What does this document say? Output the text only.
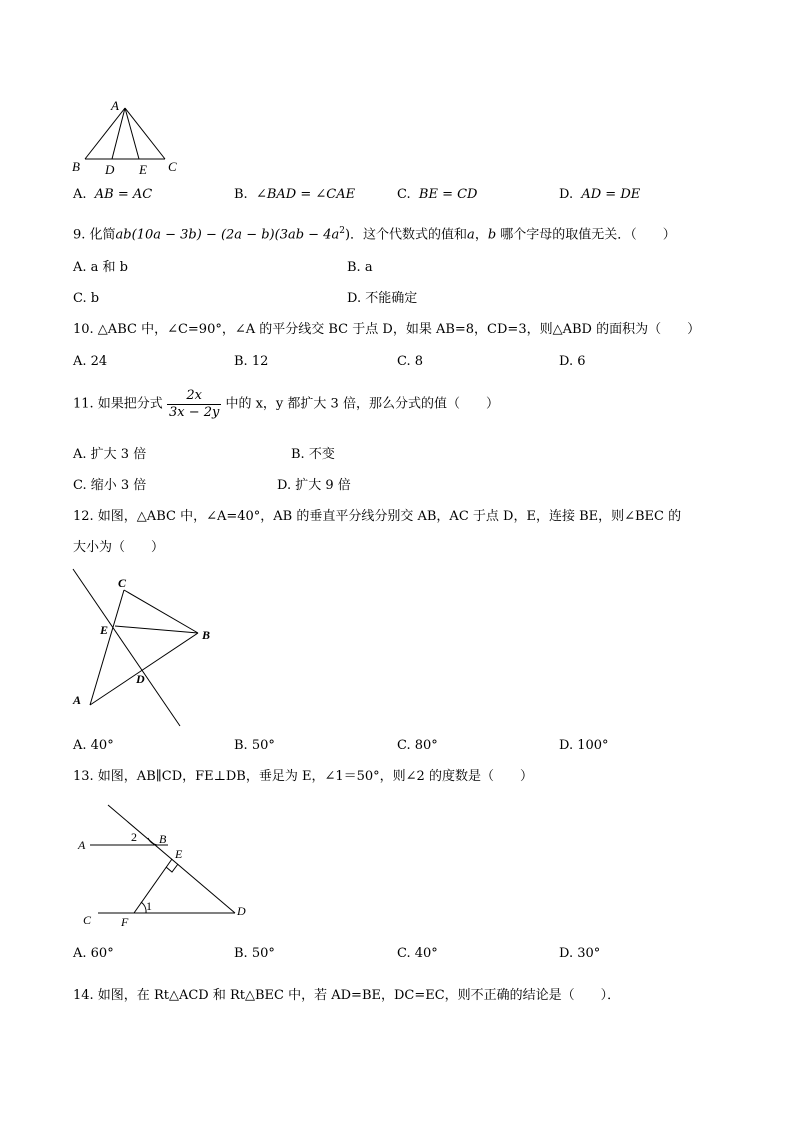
A
B D E C
A. AB = AC	B. ∠BAD = ∠CAE	C. BE = CD	D. AD = DE
9. 化简$ab(10a - 3b) - (2a - b)(3ab - 4a^2)$．这个代数式的值和a，b 哪个字母的取值无关．（　　）
A. a 和 b	B. a
C. b	D. 不能确定
10. △ABC 中，∠C=90°，∠A 的平分线交 BC 于点 D，如果 AB=8，CD=3，则△ABD 的面积为（　　）
A. 24	B. 12	C. 8	D. 6
11. 如果把分式 $\frac{2x}{3x - 2y}$ 中的 x，y 都扩大 3 倍，那么分式的值（　　）
A. 扩大 3 倍	B. 不变
C. 缩小 3 倍	D. 扩大 9 倍
12. 如图，△ABC 中，∠A=40°，AB 的垂直平分线分别交 AB，AC 于点 D，E，连接 BE，则∠BEC 的
大小为（　　）
C
E	B
D
A
A. 40°	B. 50°	C. 80°	D. 100°
13. 如图，AB∥CD，FE⊥DB，垂足为 E，∠1＝50°，则∠2 的度数是（　　）
A
2 B
E
1
C F
D
A. 60°	B. 50°	C. 40°	D. 30°
14. 如图，在 Rt△ACD 和 Rt△BEC 中，若 AD=BE，DC=EC，则不正确的结论是（　　）．
